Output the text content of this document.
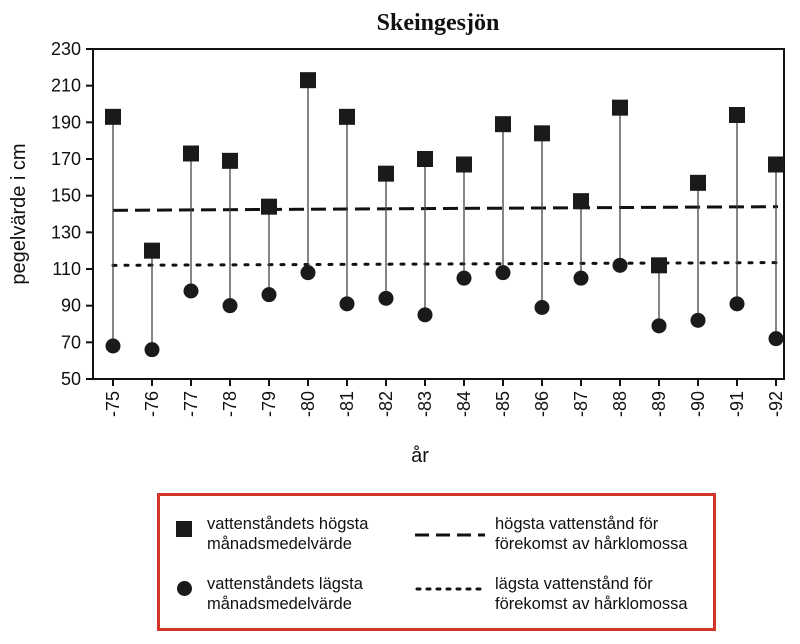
Skeingesjön
50
70
90
110
130
150
170
190
210
230
-75 -76 -77 -78 -79 -80 -81 -82 -83 -84 -85 -86 -87 -88 -89 -90 -91 -92
år
pegelvärde i cm
vattenståndets högsta
månadsmedelvärde
vattenståndets lägsta
månadsmedelvärde
högsta vattenstånd för
förekomst av hårklomossa
lägsta vattenstånd för
förekomst av hårklomossa
